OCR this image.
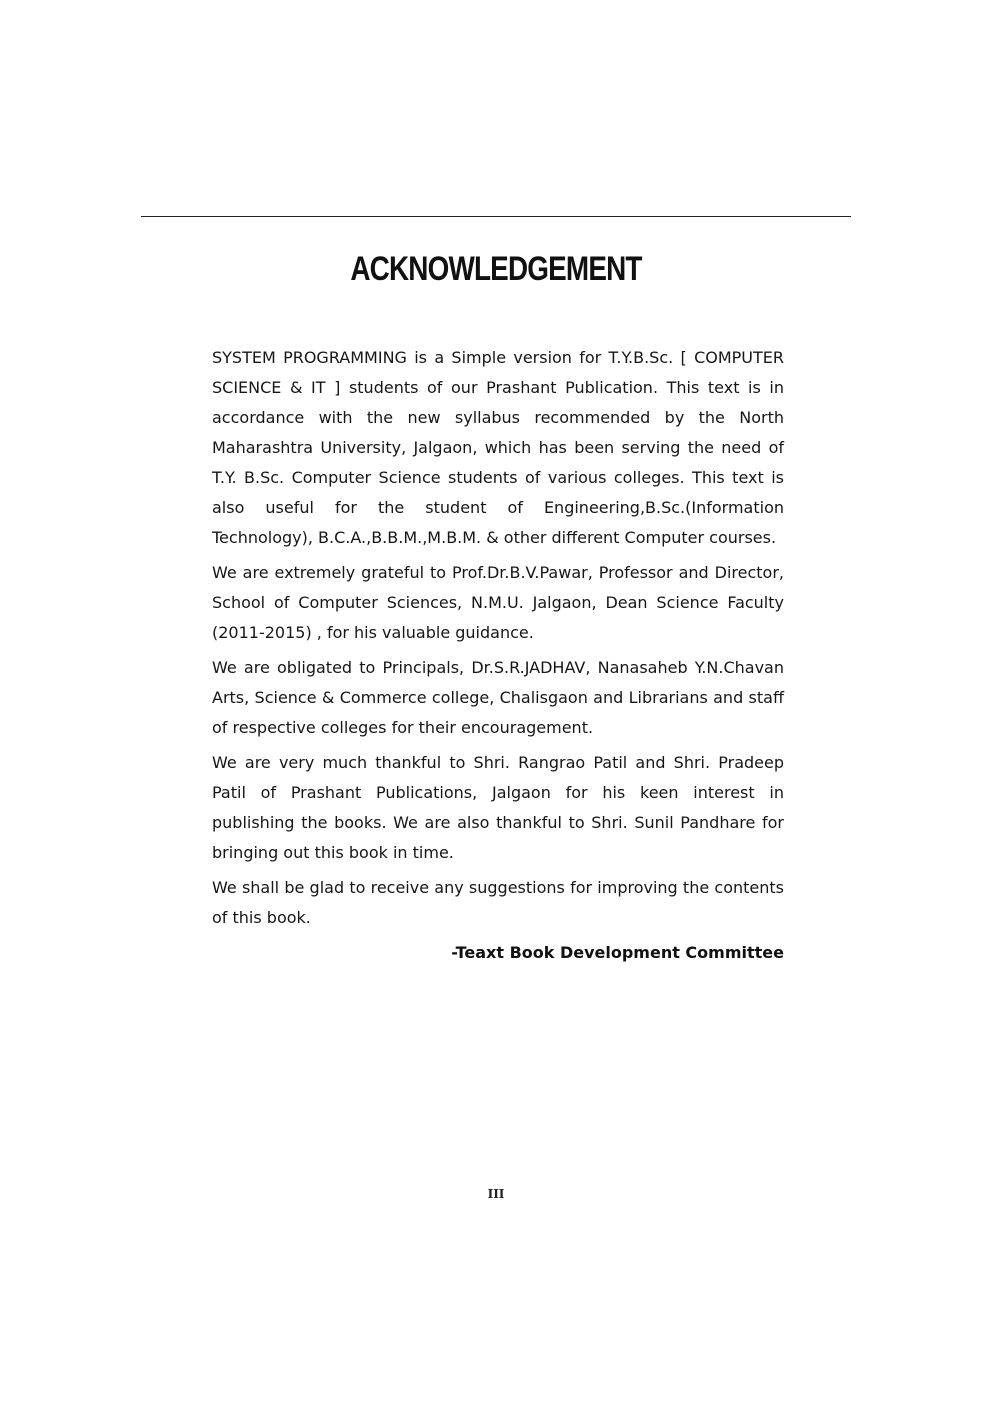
ACKNOWLEDGEMENT

SYSTEM PROGRAMMING is a Simple version for T.Y.B.Sc. [ COMPUTER SCIENCE & IT ] students of our Prashant Publication. This text is in accordance with the new syllabus recommended by the North Maharashtra University, Jalgaon, which has been serving the need of T.Y. B.Sc. Computer Science students of various colleges. This text is also useful for the student of Engineering,B.Sc.(Information Technology), B.C.A.,B.B.M.,M.B.M. & other different Computer courses.

We are extremely grateful to Prof.Dr.B.V.Pawar, Professor and Director, School of Computer Sciences, N.M.U. Jalgaon, Dean Science Faculty (2011-2015) , for his valuable guidance.

We are obligated to Principals, Dr.S.R.JADHAV, Nanasaheb Y.N.Chavan Arts, Science & Commerce college, Chalisgaon and Librarians and staff of respective colleges for their encouragement.

We are very much thankful to Shri. Rangrao Patil and Shri. Pradeep Patil of Prashant Publications, Jalgaon for his keen interest in publishing the books. We are also thankful to Shri. Sunil Pandhare for bringing out this book in time.

We shall be glad to receive any suggestions for improving the contents of this book.

-Teaxt Book Development Committee

III
